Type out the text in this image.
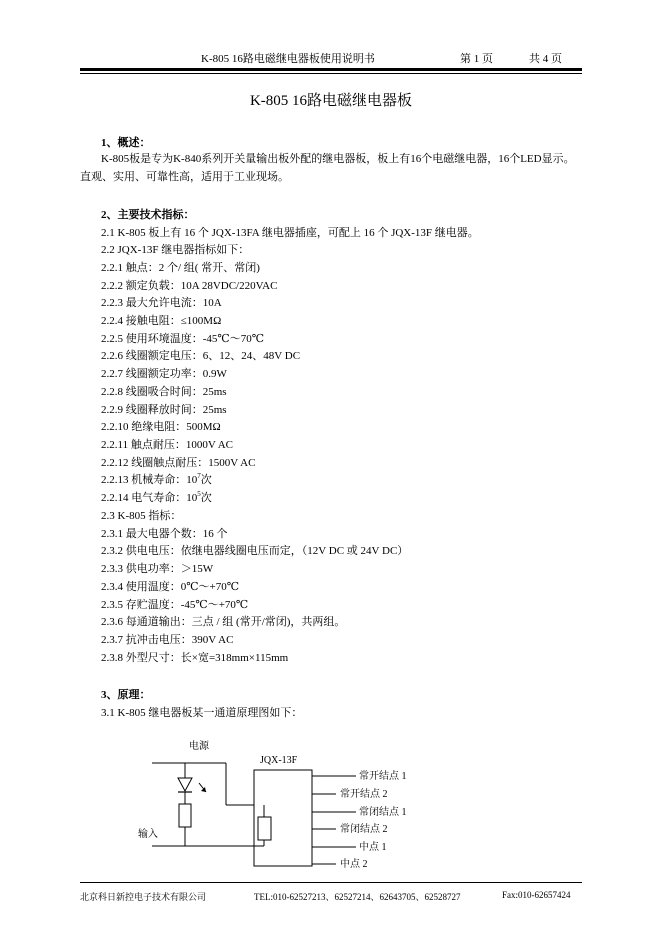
K-805 16路电磁继电器板使用说明书	第 1 页	共 4 页
K-805 16路电磁继电器板
1、概述：
K-805板是专为K-840系列开关量输出板外配的继电器板，板上有16个电磁继电器，16个LED显示。直观、实用、可靠性高，适用于工业现场。
2、主要技术指标：
2.1 K-805 板上有 16 个 JQX-13FA 继电器插座，可配上 16 个 JQX-13F 继电器。
2.2 JQX-13F 继电器指标如下：
2.2.1 触点：2 个/ 组( 常开、常闭)
2.2.2 额定负载：10A 28VDC/220VAC
2.2.3 最大允许电流：10A
2.2.4 接触电阻：≤100MΩ
2.2.5 使用环境温度：-45℃～70℃
2.2.6 线圈额定电压：6、12、24、48V DC
2.2.7 线圈额定功率：0.9W
2.2.8 线圈吸合时间：25ms
2.2.9 线圈释放时间：25ms
2.2.10 绝缘电阻：500MΩ
2.2.11 触点耐压：1000V AC
2.2.12 线圈触点耐压：1500V AC
2.2.13 机械寿命：$10^7$次
2.2.14 电气寿命：$10^5$次
2.3 K-805 指标：
2.3.1 最大电器个数：16 个
2.3.2 供电电压：依继电器线圈电压而定，（12V DC 或 24V DC）
2.3.3 供电功率：＞15W
2.3.4 使用温度：0℃～+70℃
2.3.5 存贮温度：-45℃～+70℃
2.3.6 每通道输出：三点 / 组 (常开/常闭)，共两组。
2.3.7 抗冲击电压：390V AC
2.3.8 外型尺寸：长×宽=318mm×115mm
3、原理：
3.1 K-805 继电器板某一通道原理图如下：
电源
输入
JQX-13F
常开结点 1
常开结点 2
常闭结点 1
常闭结点 2
中点 1
中点 2
北京科日新控电子技术有限公司	TEL:010-62527213、62527214、62643705、62528727	Fax:010-62657424
